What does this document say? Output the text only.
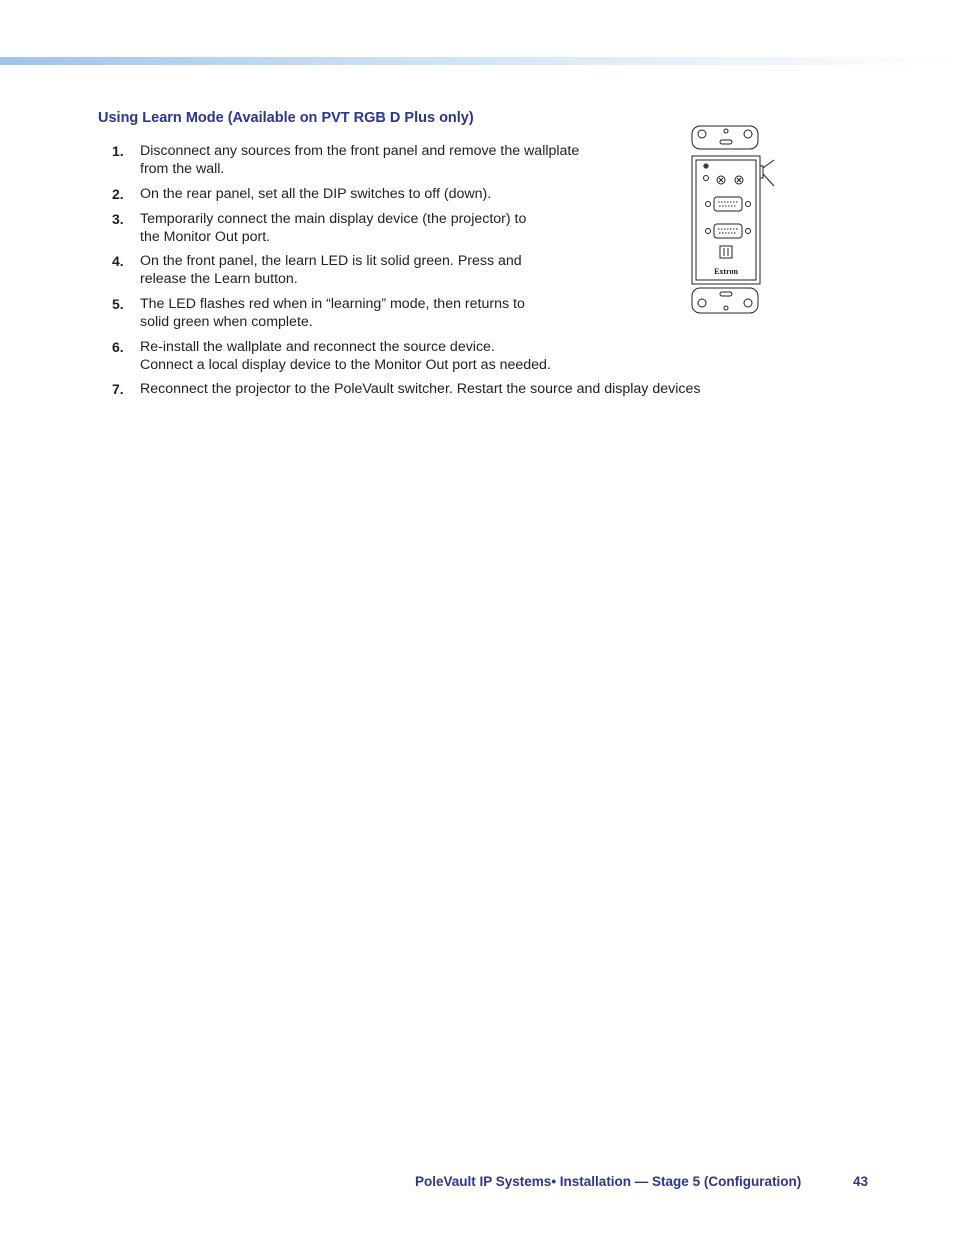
Using Learn Mode (Available on PVT RGB D Plus only)
1. Disconnect any sources from the front panel and remove the wallplate
from the wall.
2. On the rear panel, set all the DIP switches to off (down).
3. Temporarily connect the main display device (the projector) to
the Monitor Out port.
4. On the front panel, the learn LED is lit solid green. Press and
release the Learn button.
5. The LED flashes red when in “learning” mode, then returns to
solid green when complete.
6. Re-install the wallplate and reconnect the source device.
Connect a local display device to the Monitor Out port as needed.
7. Reconnect the projector to the PoleVault switcher. Restart the source and display devices
Extron
PoleVault IP Systems• Installation — Stage 5 (Configuration)	43
